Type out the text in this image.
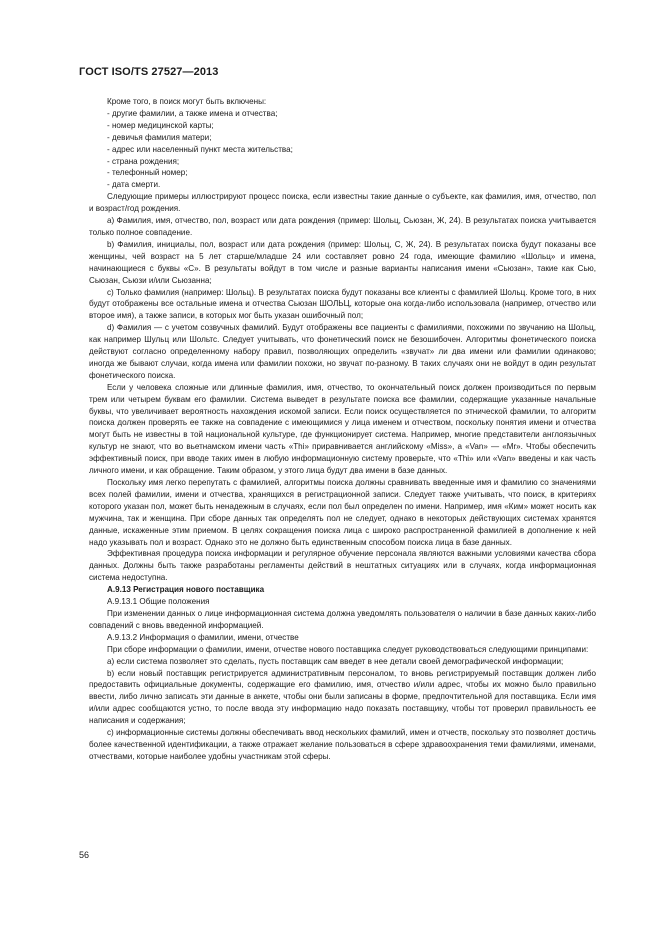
ГОСТ ISO/TS 27527—2013

Кроме того, в поиск могут быть включены:

- другие фамилии, а также имена и отчества;

- номер медицинской карты;

- девичья фамилия матери;

- адрес или населенный пункт места жительства;

- страна рождения;

- телефонный номер;

- дата смерти.

Следующие примеры иллюстрируют процесс поиска, если известны такие данные о субъекте, как фамилия, имя, отчество, пол и возраст/год рождения.

a) Фамилия, имя, отчество, пол, возраст или дата рождения (пример: Шольц, Сьюзан, Ж, 24). В результатах поиска учитывается только полное совпадение.

b) Фамилия, инициалы, пол, возраст или дата рождения (пример: Шольц, С, Ж, 24). В результатах поиска будут показаны все женщины, чей возраст на 5 лет старше/младше 24 или составляет ровно 24 года, имеющие фамилию «Шольц» и имена, начинающиеся с буквы «С». В результаты войдут в том числе и разные варианты написания имени «Сьюзан», такие как Сью, Сьюзан, Сьюзи и/или Сьюзанна;

c) Только фамилия (например: Шольц). В результатах поиска будут показаны все клиенты с фамилией Шольц. Кроме того, в них будут отображены все остальные имена и отчества Сьюзан ШОЛЬЦ, которые она когда-либо использовала (например, отчество или второе имя), а также записи, в которых мог быть указан ошибочный пол;

d) Фамилия — с учетом созвучных фамилий. Будут отображены все пациенты с фамилиями, похожими по звучанию на Шольц, как например Шульц или Шольтс. Следует учитывать, что фонетический поиск не безошибочен. Алгоритмы фонетического поиска действуют согласно определенному набору правил, позволяющих определить «звучат» ли два имени или фамилии одинаково; иногда же бывают случаи, когда имена или фамилии похожи, но звучат по-разному. В таких случаях они не войдут в один результат фонетического поиска.

Если у человека сложные или длинные фамилия, имя, отчество, то окончательный поиск должен производиться по первым трем или четырем буквам его фамилии. Система выведет в результате поиска все фамилии, содержащие указанные начальные буквы, что увеличивает вероятность нахождения искомой записи. Если поиск осуществляется по этнической фамилии, то алгоритм поиска должен проверять ее также на совпадение с имеющимися у лица именем и отчеством, поскольку понятия имени и отчества могут быть не известны в той национальной культуре, где функционирует система. Например, многие представители англоязычных культур не знают, что во вьетнамском имени часть «Thi» приравнивается английскому «Miss», а «Van» — «Mr». Чтобы обеспечить эффективный поиск, при вводе таких имен в любую информационную систему проверьте, что «Thi» или «Van» введены и как часть личного имени, и как обращение. Таким образом, у этого лица будут два имени в базе данных.

Поскольку имя легко перепутать с фамилией, алгоритмы поиска должны сравнивать введенные имя и фамилию со значениями всех полей фамилии, имени и отчества, хранящихся в регистрационной записи. Следует также учитывать, что поиск, в критериях которого указан пол, может быть ненадежным в случаях, если пол был определен по имени. Например, имя «Ким» может носить как мужчина, так и женщина. При сборе данных так определять пол не следует, однако в некоторых действующих системах хранятся данные, искаженные этим приемом. В целях сокращения поиска лица с широко распространенной фамилией в дополнение к ней надо указывать пол и возраст. Однако это не должно быть единственным способом поиска лица в базе данных.

Эффективная процедура поиска информации и регулярное обучение персонала являются важными условиями качества сбора данных. Должны быть также разработаны регламенты действий в нештатных ситуациях или в случаях, когда информационная система недоступна.

А.9.13 Регистрация нового поставщика

А.9.13.1 Общие положения

При изменении данных о лице информационная система должна уведомлять пользователя о наличии в базе данных каких-либо совпадений с вновь введенной информацией.

А.9.13.2 Информация о фамилии, имени, отчестве

При сборе информации о фамилии, имени, отчестве нового поставщика следует руководствоваться следующими принципами:

a) если система позволяет это сделать, пусть поставщик сам введет в нее детали своей демографической информации;

b) если новый поставщик регистрируется административным персоналом, то вновь регистрируемый поставщик должен либо предоставить официальные документы, содержащие его фамилию, имя, отчество и/или адрес, чтобы их можно было правильно ввести, либо лично записать эти данные в анкете, чтобы они были записаны в форме, предпочтительной для поставщика. Если имя и/или адрес сообщаются устно, то после ввода эту информацию надо показать поставщику, чтобы тот проверил правильность ее написания и содержания;

c) информационные системы должны обеспечивать ввод нескольких фамилий, имен и отчеств, поскольку это позволяет достичь более качественной идентификации, а также отражает желание пользоваться в сфере здравоохранения теми фамилиями, именами, отчествами, которые наиболее удобны участникам этой сферы.

56
